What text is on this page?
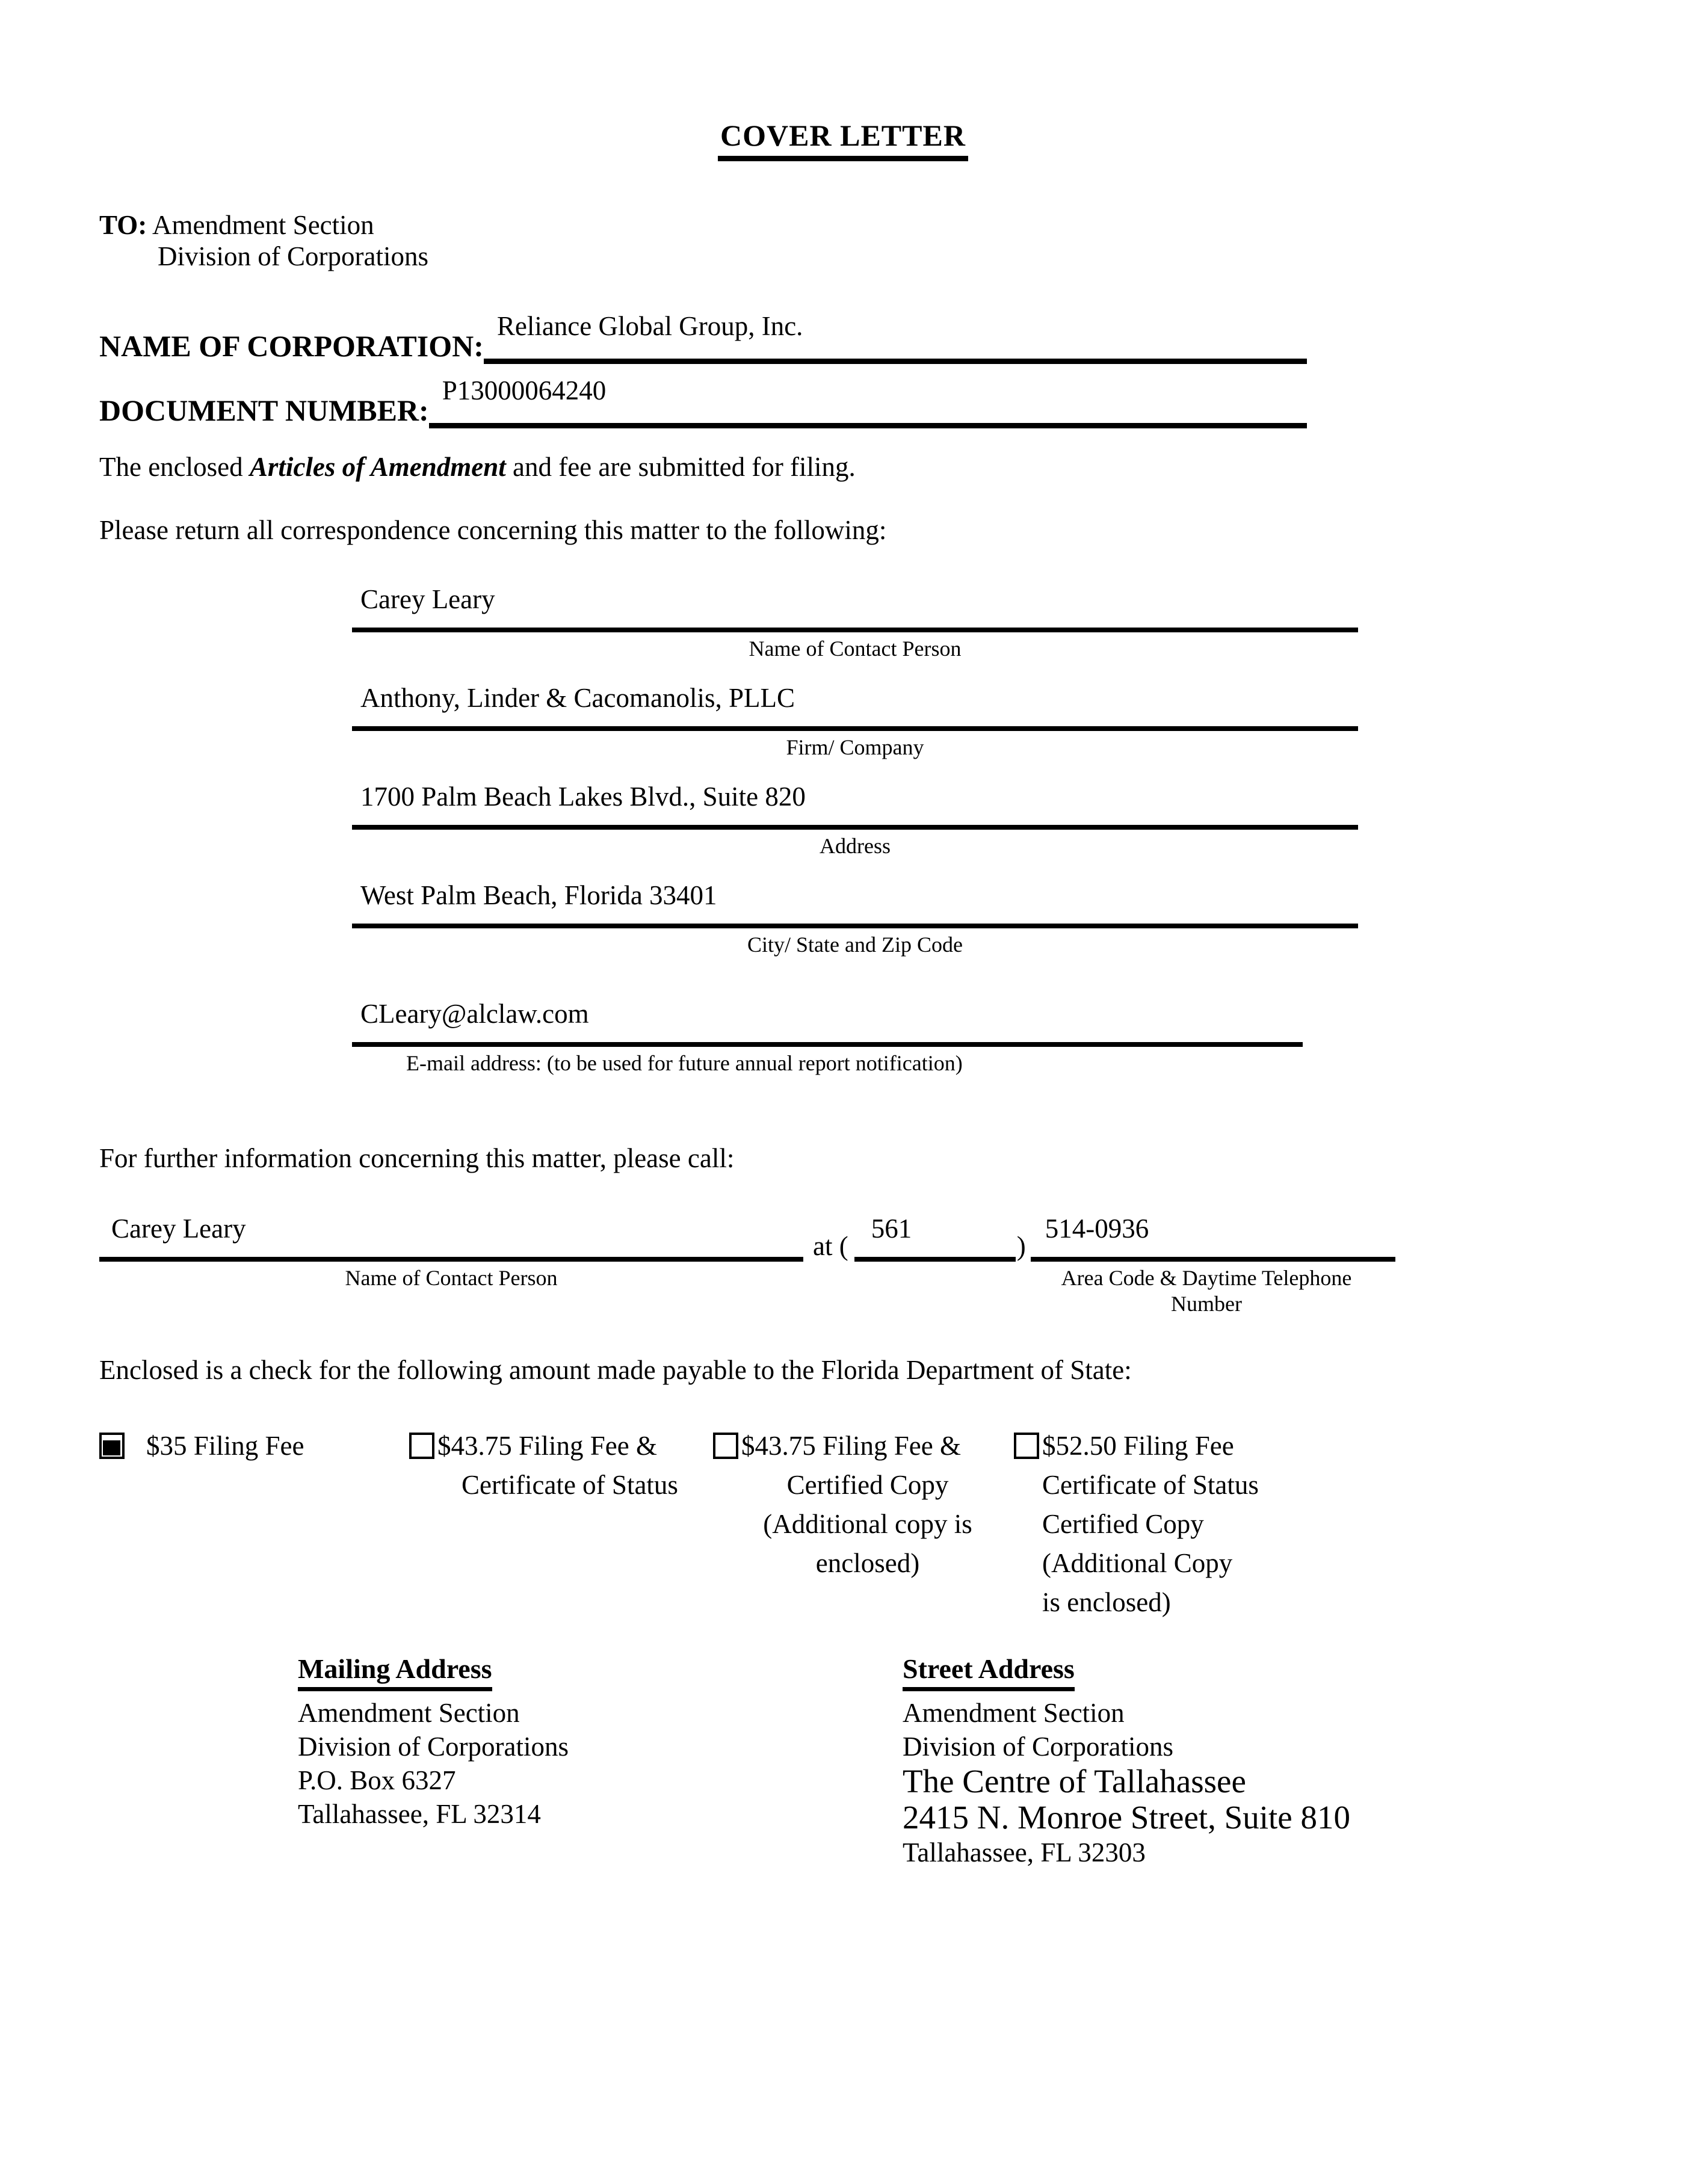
COVER LETTER
TO: Amendment Section
Division of Corporations
NAME OF CORPORATION:
Reliance Global Group, Inc.
DOCUMENT NUMBER:
P13000064240

The enclosed Articles of Amendment and fee are submitted for filing.

Please return all correspondence concerning this matter to the following:

Carey Leary
Name of Contact Person
Anthony, Linder & Cacomanolis, PLLC
Firm/ Company
1700 Palm Beach Lakes Blvd., Suite 820
Address
West Palm Beach, Florida 33401
City/ State and Zip Code
CLeary@alclaw.com
E-mail address: (to be used for future annual report notification)

For further information concerning this matter, please call:

Carey Leary
at (
561
)
514-0936
Name of Contact Person	Area Code & Daytime Telephone Number

Enclosed is a check for the following amount made payable to the Florida Department of State:

$35 Filing Fee	$43.75 Filing Fee &
Certificate of Status
$43.75 Filing Fee &
Certified Copy
(Additional copy is
enclosed)
$52.50 Filing Fee
Certificate of Status
Certified Copy
(Additional Copy
is enclosed)
Mailing Address
Amendment Section
Division of Corporations
P.O. Box 6327
Tallahassee, FL 32314
Street Address
Amendment Section
Division of Corporations
The Centre of Tallahassee
2415 N. Monroe Street, Suite 810
Tallahassee, FL 32303
